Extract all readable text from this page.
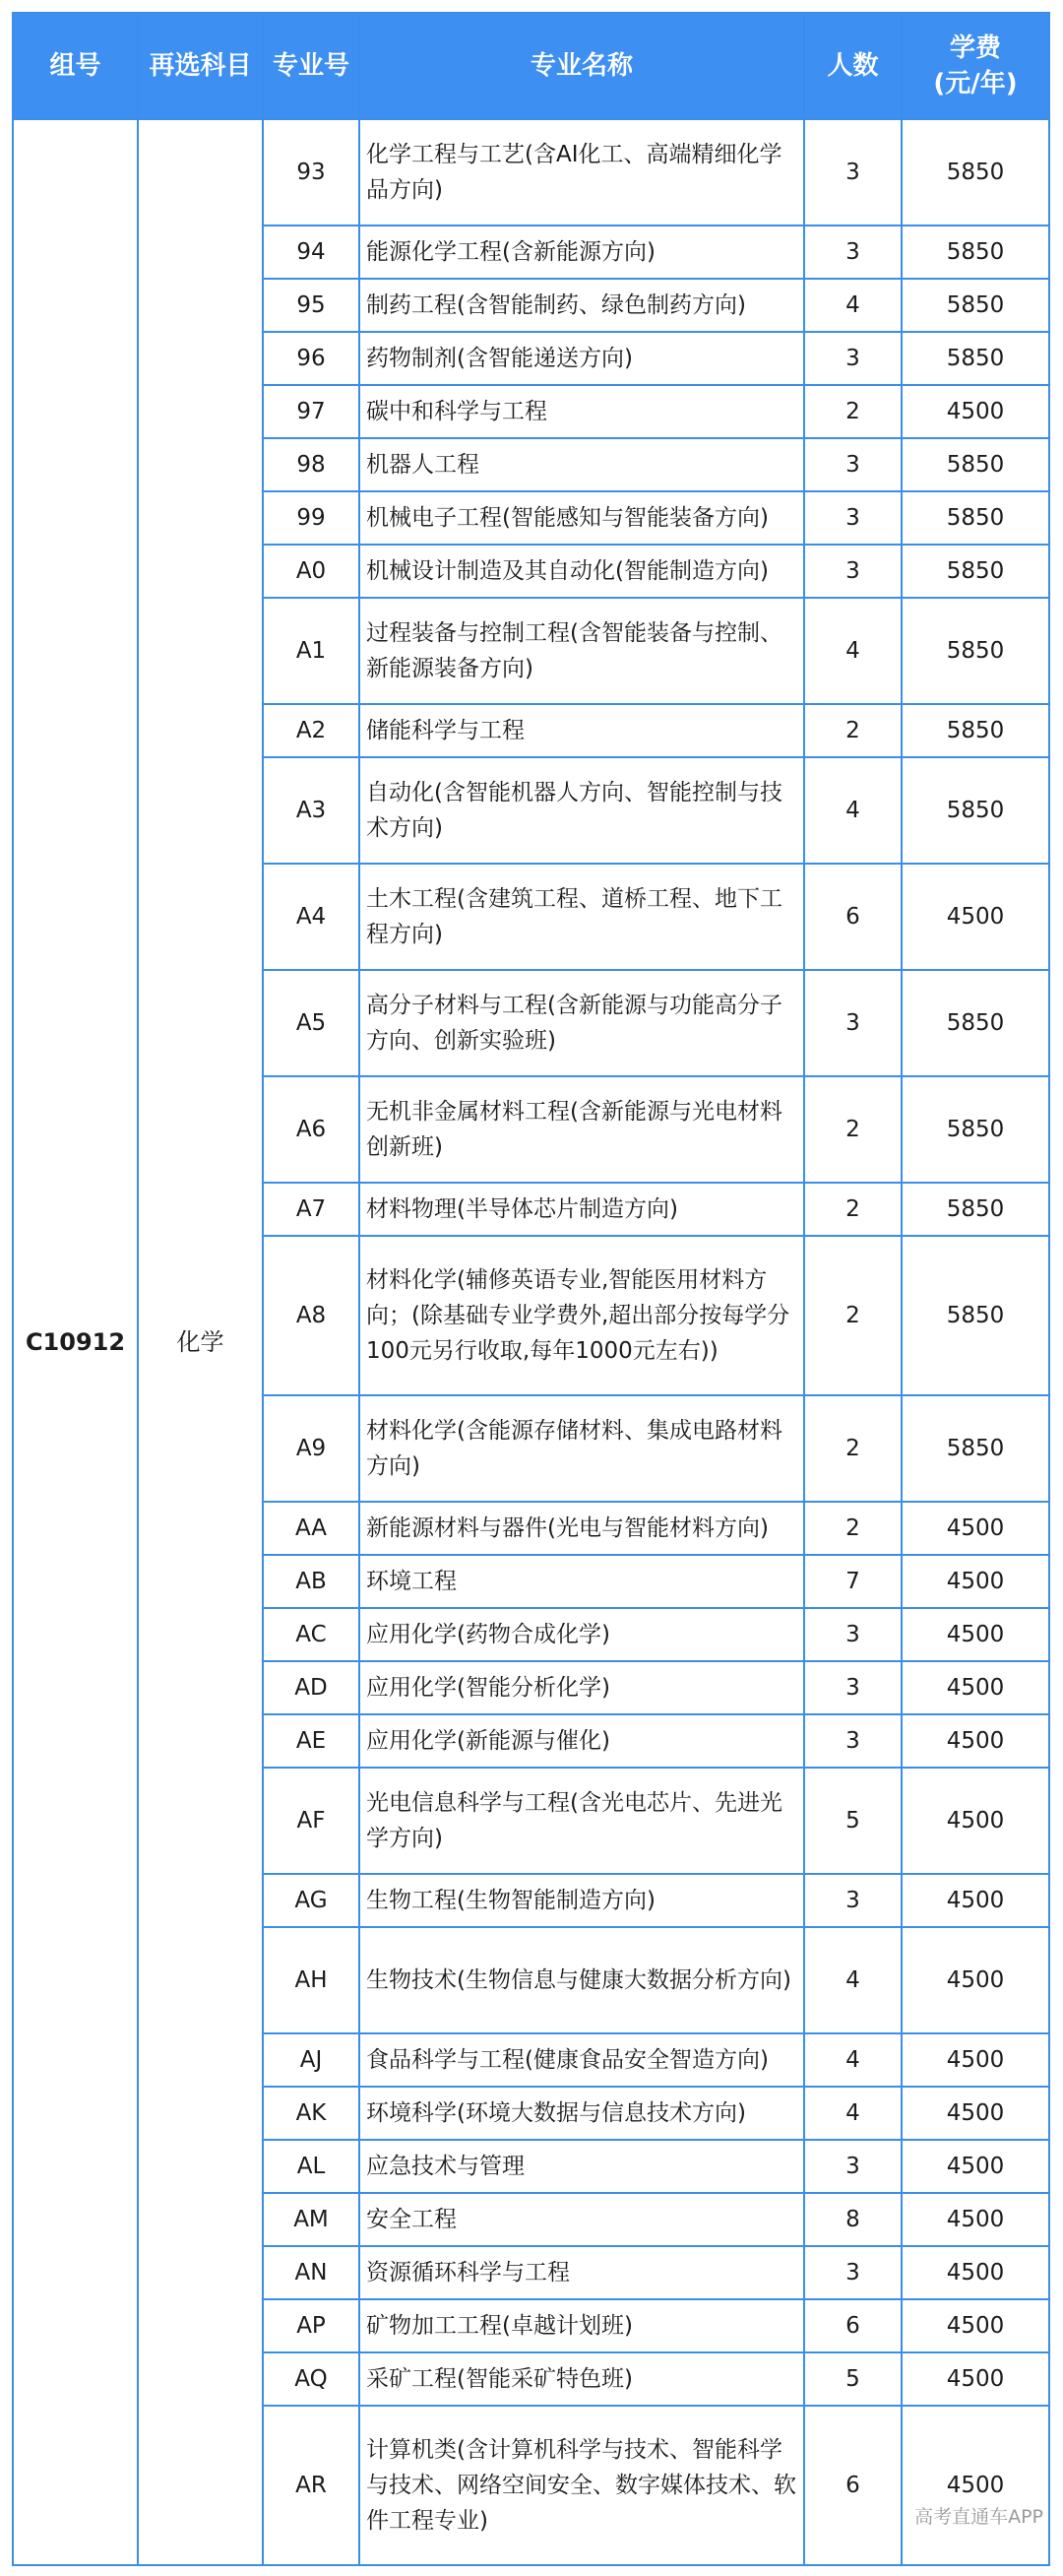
组号	再选科目	专业号	专业名称	人数	学费
(元/年)

C10912	化学	93	化学工程与工艺(含AI化工、高端精细化学品方向)	3	5850
		94	能源化学工程(含新能源方向)	3	5850
		95	制药工程(含智能制药、绿色制药方向)	4	5850
		96	药物制剂(含智能递送方向)	3	5850
		97	碳中和科学与工程	2	4500
		98	机器人工程	3	5850
		99	机械电子工程(智能感知与智能装备方向)	3	5850
		A0	机械设计制造及其自动化(智能制造方向)	3	5850
		A1	过程装备与控制工程(含智能装备与控制、新能源装备方向)	4	5850
		A2	储能科学与工程	2	5850
		A3	自动化(含智能机器人方向、智能控制与技术方向)	4	5850
		A4	土木工程(含建筑工程、道桥工程、地下工程方向)	6	4500
		A5	高分子材料与工程(含新能源与功能高分子方向、创新实验班)	3	5850
		A6	无机非金属材料工程(含新能源与光电材料创新班)	2	5850
		A7	材料物理(半导体芯片制造方向)	2	5850
		A8	材料化学(辅修英语专业,智能医用材料方向；(除基础专业学费外,超出部分按每学分100元另行收取,每年1000元左右))	2	5850
		A9	材料化学(含能源存储材料、集成电路材料方向)	2	5850
		AA	新能源材料与器件(光电与智能材料方向)	2	4500
		AB	环境工程	7	4500
		AC	应用化学(药物合成化学)	3	4500
		AD	应用化学(智能分析化学)	3	4500
		AE	应用化学(新能源与催化)	3	4500
		AF	光电信息科学与工程(含光电芯片、先进光学方向)	5	4500
		AG	生物工程(生物智能制造方向)	3	4500
		AH	生物技术(生物信息与健康大数据分析方向)	4	4500
		AJ	食品科学与工程(健康食品安全智造方向)	4	4500
		AK	环境科学(环境大数据与信息技术方向)	4	4500
		AL	应急技术与管理	3	4500
		AM	安全工程	8	4500
		AN	资源循环科学与工程	3	4500
		AP	矿物加工工程(卓越计划班)	6	4500
		AQ	采矿工程(智能采矿特色班)	5	4500
		AR	计算机类(含计算机科学与技术、智能科学与技术、网络空间安全、数字媒体技术、软件工程专业)	6	4500
高考直通车APP
